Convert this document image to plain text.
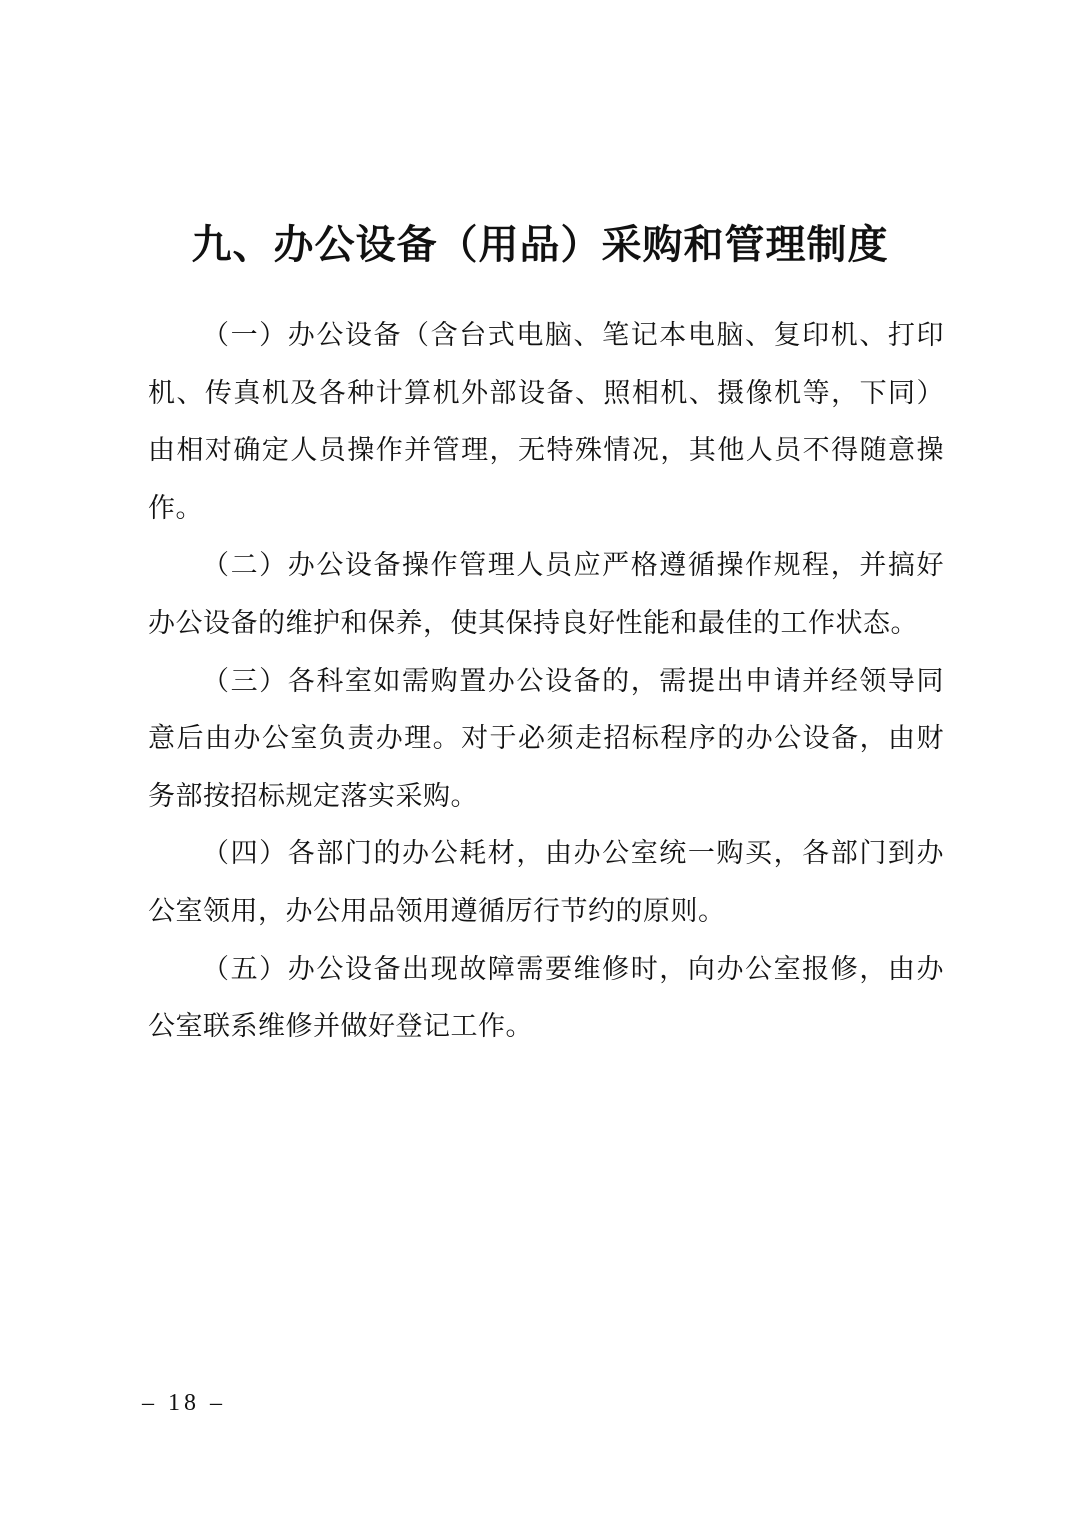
九、办公设备（用品）采购和管理制度

（一）办公设备（含台式电脑、笔记本电脑、复印机、打印机、传真机及各种计算机外部设备、照相机、摄像机等，下同）由相对确定人员操作并管理，无特殊情况，其他人员不得随意操作。

（二）办公设备操作管理人员应严格遵循操作规程，并搞好办公设备的维护和保养，使其保持良好性能和最佳的工作状态。

（三）各科室如需购置办公设备的，需提出申请并经领导同意后由办公室负责办理。对于必须走招标程序的办公设备，由财务部按招标规定落实采购。

（四）各部门的办公耗材，由办公室统一购买，各部门到办公室领用，办公用品领用遵循厉行节约的原则。

（五）办公设备出现故障需要维修时，向办公室报修，由办公室联系维修并做好登记工作。

– 18 –
